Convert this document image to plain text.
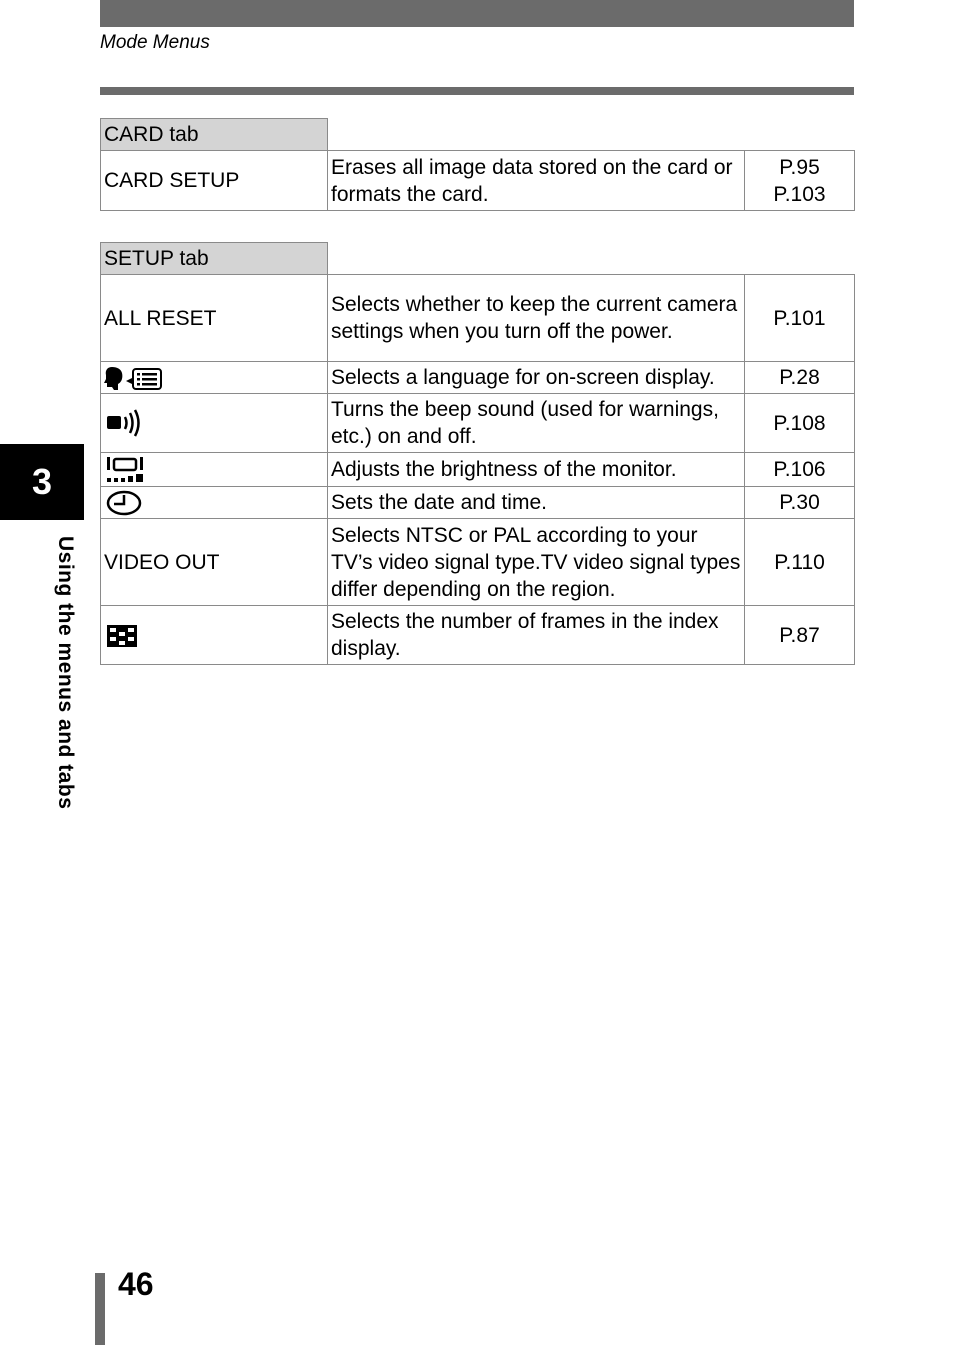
Mode Menus
CARD tab		
CARD SETUP	Erases all image data stored on the card or formats the card.	P.95
P.103
SETUP tab		
ALL RESET	Selects whether to keep the current camera settings when you turn off the power.	P.101
	Selects a language for on-screen display.	P.28
	Turns the beep sound (used for warnings, etc.) on and off.	P.108
	Adjusts the brightness of the monitor.	P.106
	Sets the date and time.	P.30
VIDEO OUT	Selects NTSC or PAL according to your TV’s video signal type.TV video signal types differ depending on the region.	P.110
	Selects the number of frames in the index display.	P.87
3
Using the menus and tabs
46
